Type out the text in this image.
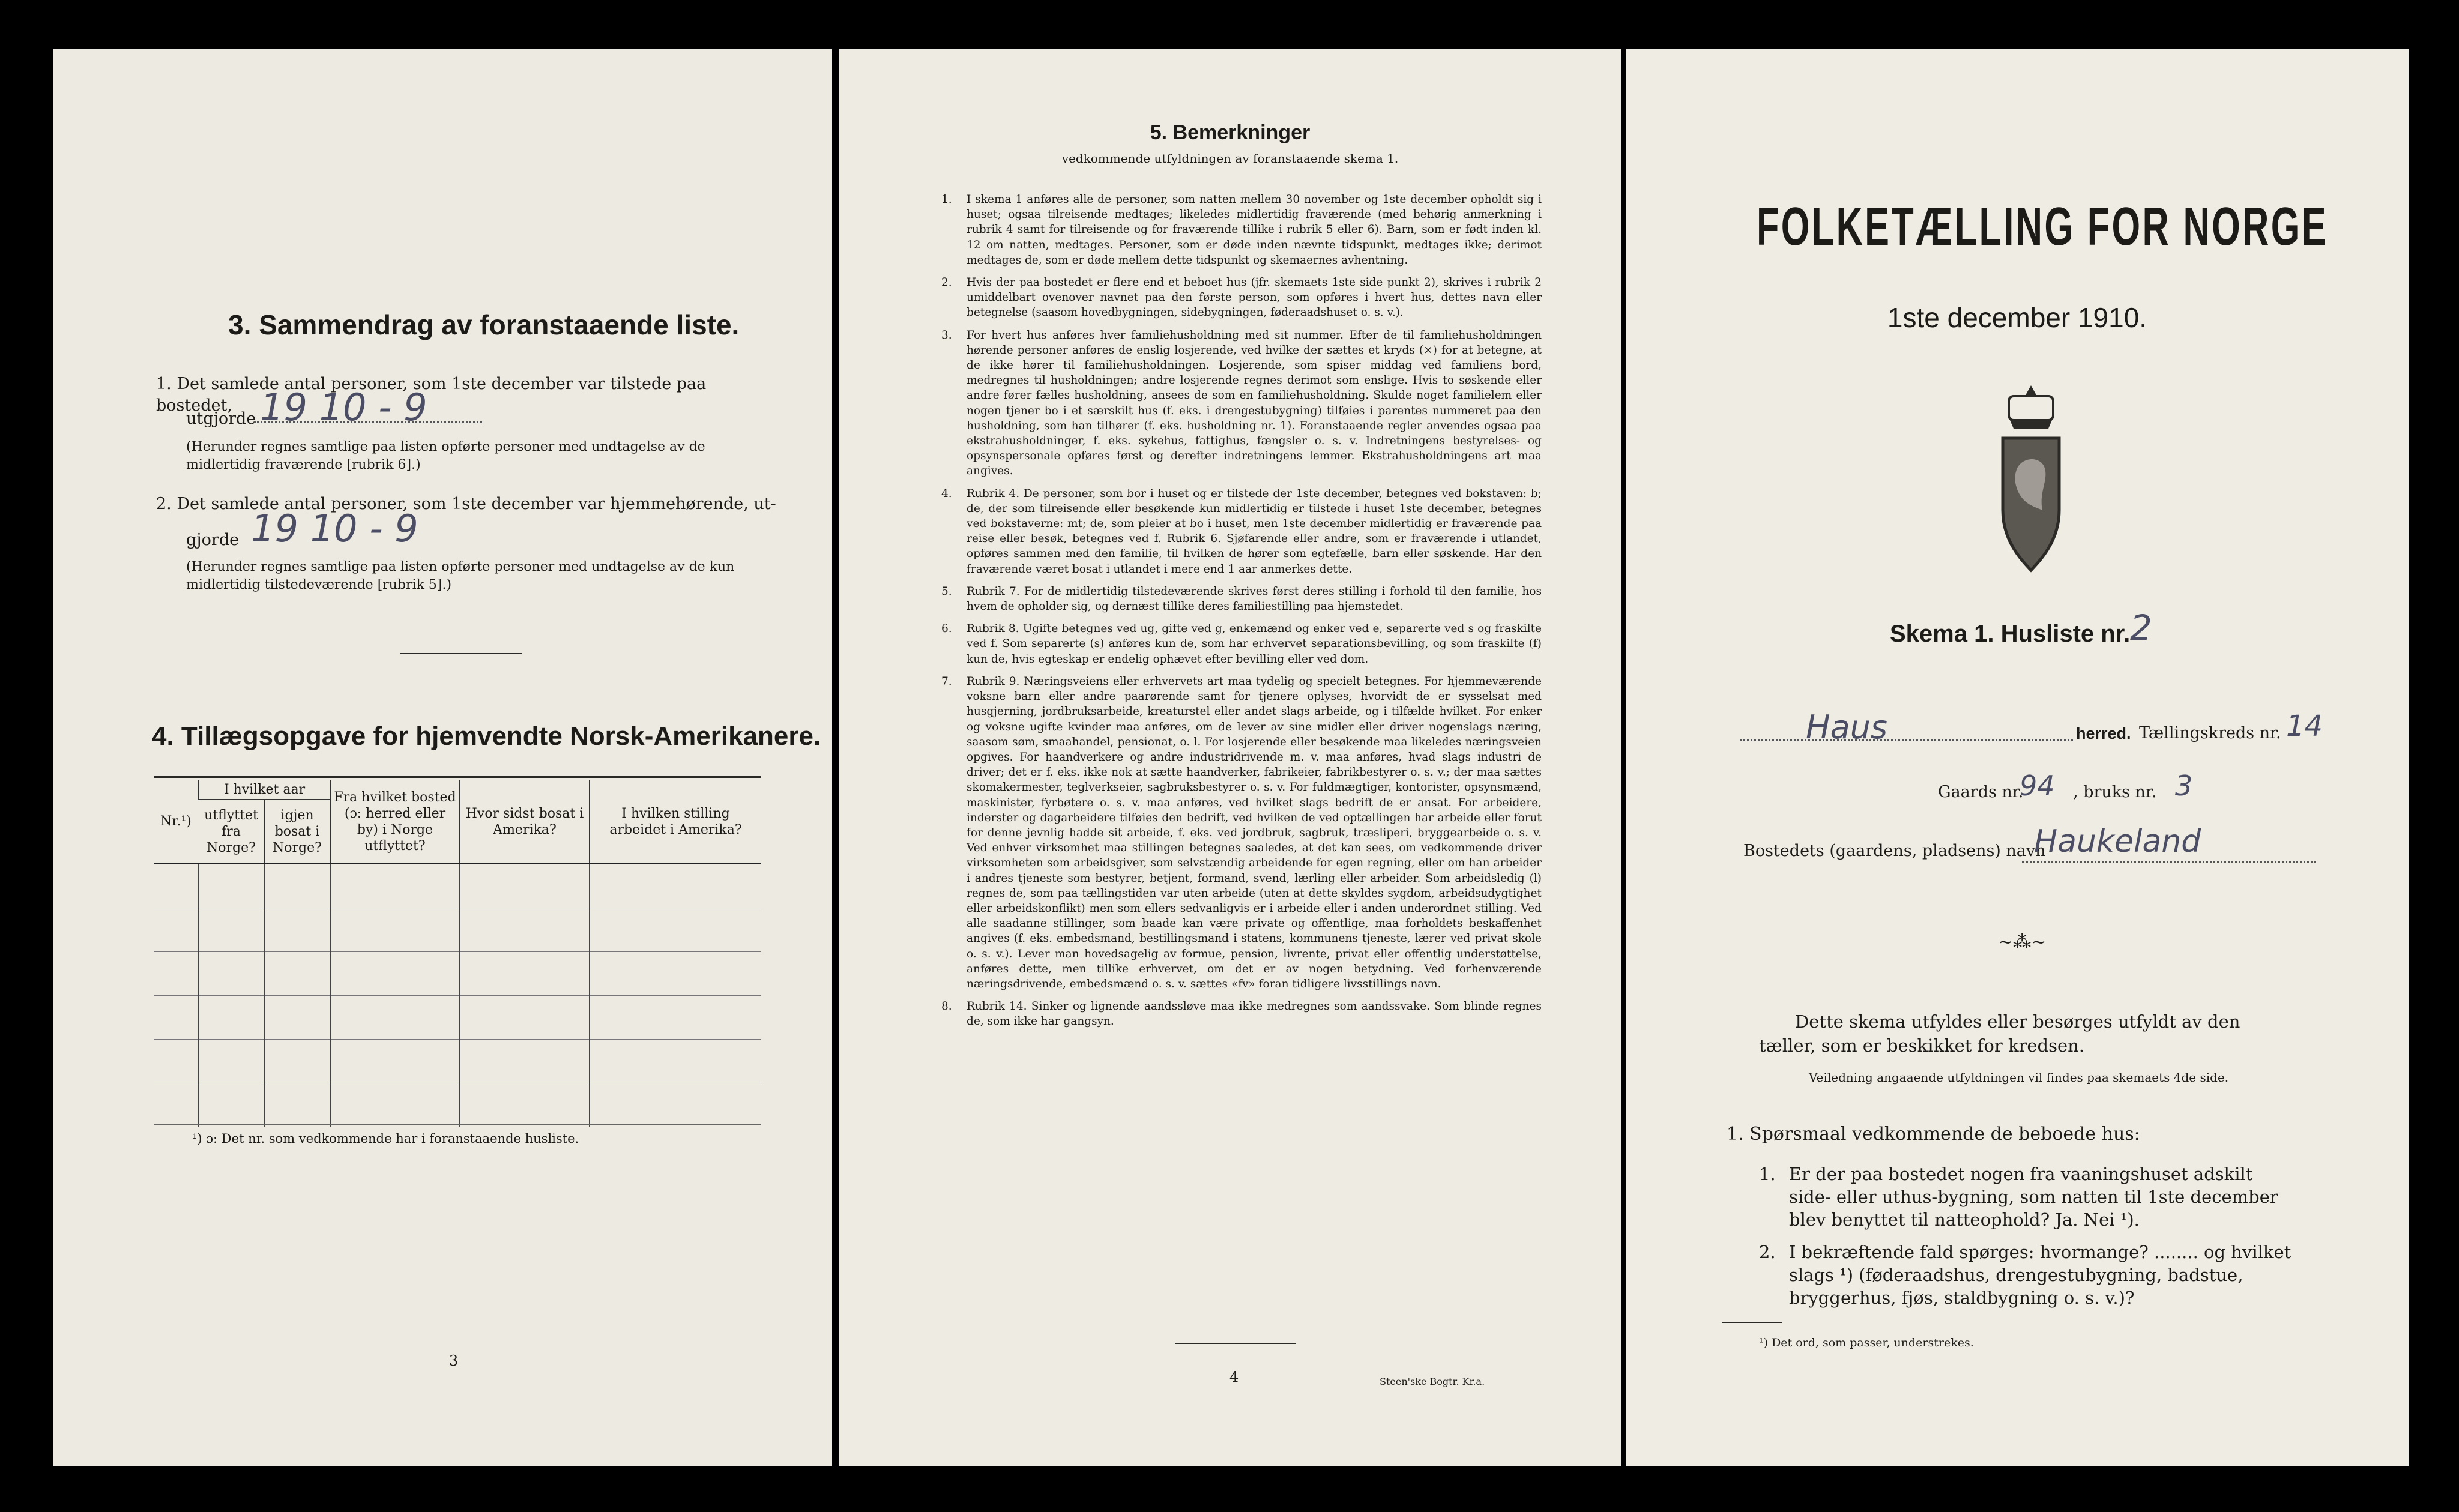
3. Sammendrag av foranstaaende liste.
1. Det samlede antal personer, som 1ste december var tilstede paa bostedet,
utgjorde 19 10 - 9
(Herunder regnes samtlige paa listen opførte personer med undtagelse av de midlertidig fraværende [rubrik 6].)
2. Det samlede antal personer, som 1ste december var hjemmehørende, ut-
gjorde 19 10 - 9
(Herunder regnes samtlige paa listen opførte personer med undtagelse av de kun midlertidig tilstedeværende [rubrik 5].)
4. Tillægsopgave for hjemvendte Norsk-Amerikanere.
Nr.¹)	I hvilket aar		Fra hvilket bosted (ɔ: herred eller by) i Norge utflyttet?	Hvor sidst bosat i Amerika?	I hvilken stilling arbeidet i Amerika?
	utflyttet fra Norge?	igjen bosat i Norge?			

¹) ɔ: Det nr. som vedkommende har i foranstaaende husliste.
3
5. Bemerkninger
vedkommende utfyldningen av foranstaaende skema 1.
1.	I skema 1 anføres alle de personer, som natten mellem 30 november og 1ste december opholdt sig i huset; ogsaa tilreisende medtages; likeledes midlertidig fraværende (med behørig anmerkning i rubrik 4 samt for tilreisende og for fraværende tillike i rubrik 5 eller 6). Barn, som er født inden kl. 12 om natten, medtages. Personer, som er døde inden nævnte tidspunkt, medtages ikke; derimot medtages de, som er døde mellem dette tidspunkt og skemaernes avhentning.
2.	Hvis der paa bostedet er flere end et beboet hus (jfr. skemaets 1ste side punkt 2), skrives i rubrik 2 umiddelbart ovenover navnet paa den første person, som opføres i hvert hus, dettes navn eller betegnelse (saasom hovedbygningen, sidebygningen, føderaadshuset o. s. v.).
3.	For hvert hus anføres hver familiehusholdning med sit nummer. Efter de til familiehusholdningen hørende personer anføres de enslig losjerende, ved hvilke der sættes et kryds (×) for at betegne, at de ikke hører til familiehusholdningen. Losjerende, som spiser middag ved familiens bord, medregnes til husholdningen; andre losjerende regnes derimot som enslige. Hvis to søskende eller andre fører fælles husholdning, ansees de som en familiehusholdning. Skulde noget familielem eller nogen tjener bo i et særskilt hus (f. eks. i drengestubygning) tilføies i parentes nummeret paa den husholdning, som han tilhører (f. eks. husholdning nr. 1). Foranstaaende regler anvendes ogsaa paa ekstrahusholdninger, f. eks. sykehus, fattighus, fængsler o. s. v. Indretningens bestyrelses- og opsynspersonale opføres først og derefter indretningens lemmer. Ekstrahusholdningens art maa angives.
4.	Rubrik 4. De personer, som bor i huset og er tilstede der 1ste december, betegnes ved bokstaven: b; de, der som tilreisende eller besøkende kun midlertidig er tilstede i huset 1ste december, betegnes ved bokstaverne: mt; de, som pleier at bo i huset, men 1ste december midlertidig er fraværende paa reise eller besøk, betegnes ved f. Rubrik 6. Sjøfarende eller andre, som er fraværende i utlandet, opføres sammen med den familie, til hvilken de hører som egtefælle, barn eller søskende. Har den fraværende været bosat i utlandet i mere end 1 aar anmerkes dette.
5.	Rubrik 7. For de midlertidig tilstedeværende skrives først deres stilling i forhold til den familie, hos hvem de opholder sig, og dernæst tillike deres familiestilling paa hjemstedet.
6.	Rubrik 8. Ugifte betegnes ved ug, gifte ved g, enkemænd og enker ved e, separerte ved s og fraskilte ved f. Som separerte (s) anføres kun de, som har erhvervet separationsbevilling, og som fraskilte (f) kun de, hvis egteskap er endelig ophævet efter bevilling eller ved dom.
7.	Rubrik 9. Næringsveiens eller erhvervets art maa tydelig og specielt betegnes. For hjemmeværende voksne barn eller andre paarørende samt for tjenere oplyses, hvorvidt de er sysselsat med husgjerning, jordbruksarbeide, kreaturstel eller andet slags arbeide, og i tilfælde hvilket. For enker og voksne ugifte kvinder maa anføres, om de lever av sine midler eller driver nogenslags næring, saasom søm, smaahandel, pensionat, o. l. For losjerende eller besøkende maa likeledes næringsveien opgives. For haandverkere og andre industridrivende m. v. maa anføres, hvad slags industri de driver; det er f. eks. ikke nok at sætte haandverker, fabrikeier, fabrikbestyrer o. s. v.; der maa sættes skomakermester, teglverkseier, sagbruksbestyrer o. s. v. For fuldmægtiger, kontorister, opsynsmænd, maskinister, fyrbøtere o. s. v. maa anføres, ved hvilket slags bedrift de er ansat. For arbeidere, inderster og dagarbeidere tilføies den bedrift, ved hvilken de ved optællingen har arbeide eller forut for denne jevnlig hadde sit arbeide, f. eks. ved jordbruk, sagbruk, træsliperi, bryggearbeide o. s. v. Ved enhver virksomhet maa stillingen betegnes saaledes, at det kan sees, om vedkommende driver virksomheten som arbeidsgiver, som selvstændig arbeidende for egen regning, eller om han arbeider i andres tjeneste som bestyrer, betjent, formand, svend, lærling eller arbeider. Som arbeidsledig (l) regnes de, som paa tællingstiden var uten arbeide (uten at dette skyldes sygdom, arbeidsudygtighet eller arbeidskonflikt) men som ellers sedvanligvis er i arbeide eller i anden underordnet stilling. Ved alle saadanne stillinger, som baade kan være private og offentlige, maa forholdets beskaffenhet angives (f. eks. embedsmand, bestillingsmand i statens, kommunens tjeneste, lærer ved privat skole o. s. v.). Lever man hovedsagelig av formue, pension, livrente, privat eller offentlig understøttelse, anføres dette, men tillike erhvervet, om det er av nogen betydning. Ved forhenværende næringsdrivende, embedsmænd o. s. v. sættes «fv» foran tidligere livsstillings navn.
8.	Rubrik 14. Sinker og lignende aandssløve maa ikke medregnes som aandssvake. Som blinde regnes de, som ikke har gangsyn.
4	Steen'ske Bogtr. Kr.a.
FOLKETÆLLING FOR NORGE
1ste december 1910.
Skema 1. Husliste nr. 2
Haus	herred. Tællingskreds nr. 14
Gaards nr.
94 , bruks nr. 3
Bostedets (gaardens, pladsens) navn
Haukeland
~⁂~
Dette skema utfyldes eller besørges utfyldt av den tæller, som er beskikket for kredsen.
Veiledning angaaende utfyldningen vil findes paa skemaets 4de side.
1. Spørsmaal vedkommende de beboede hus:
1. Er der paa bostedet nogen fra vaaningshuset adskilt side- eller uthus-bygning, som natten til 1ste december blev benyttet til natteophold? Ja. Nei ¹).
2. I bekræftende fald spørges: hvormange? ........ og hvilket slags ¹) (føderaadshus, drengestubygning, badstue, bryggerhus, fjøs, staldbygning o. s. v.)?
¹) Det ord, som passer, understrekes.
